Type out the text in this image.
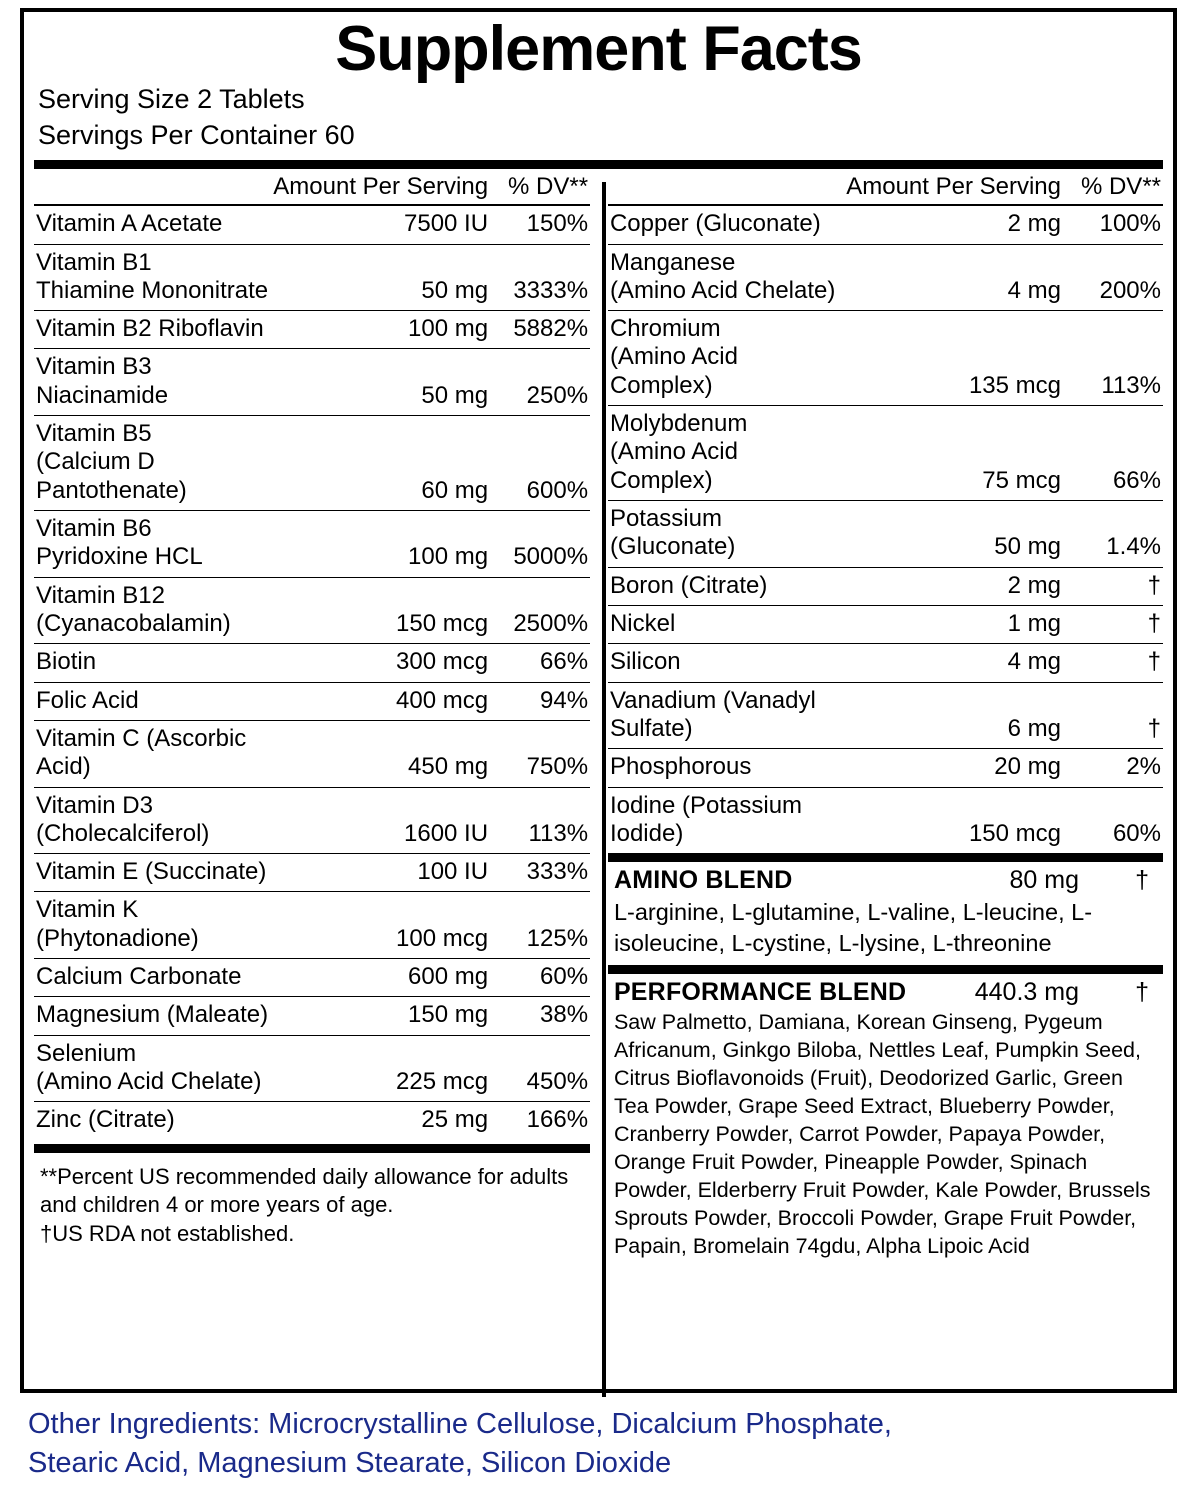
Supplement Facts
Serving Size 2 Tablets
Servings Per Container 60
	Amount Per Serving	% DV**
Vitamin A Acetate	7500 IU	150%

Vitamin B1
Thiamine Mononitrate	50 mg	3333%
Vitamin B2 Riboflavin	100 mg	5882%
Vitamin B3 Niacinamide	50 mg	250%

Vitamin B5
(Calcium D Pantothenate)	60 mg	600%
Vitamin B6 Pyridoxine HCL	100 mg	5000%

Vitamin B12
(Cyanacobalamin)	150 mcg	2500%
Biotin	300 mcg	66%
Folic Acid	400 mcg	94%
Vitamin C (Ascorbic Acid)	450 mg	750%
Vitamin D3 (Cholecalciferol)	1600 IU	113%
Vitamin E (Succinate)	100 IU	333%
Vitamin K (Phytonadione)	100 mcg	125%
Calcium Carbonate	600 mg	60%
Magnesium (Maleate)	150 mg	38%

Selenium
(Amino Acid Chelate)	225 mcg	450%
Zinc (Citrate)	25 mg	166%
**Percent US recommended daily allowance for adults
and children 4 or more years of age.
†US RDA not established.
	Amount Per Serving	% DV**
Copper (Gluconate)	2 mg	100%

Manganese
(Amino Acid Chelate)	4 mg	200%

Chromium
(Amino Acid Complex)	135 mcg	113%

Molybdenum
(Amino Acid Complex)	75 mcg	66%
Potassium (Gluconate)	50 mg	1.4%
Boron (Citrate)	2 mg	†
Nickel	1 mg	†
Silicon	4 mg	†
Vanadium (Vanadyl Sulfate)	6 mg	†
Phosphorous	20 mg	2%
Iodine (Potassium Iodide)	150 mcg	60%
AMINO BLEND	80 mg	†
L-arginine, L-glutamine, L-valine, L-leucine, L-isoleucine, L-cystine, L-lysine, L-threonine
PERFORMANCE BLEND	440.3 mg	†
Saw Palmetto, Damiana, Korean Ginseng, Pygeum Africanum, Ginkgo Biloba, Nettles Leaf, Pumpkin Seed, Citrus Bioflavonoids (Fruit), Deodorized Garlic, Green Tea Powder, Grape Seed Extract, Blueberry Powder, Cranberry Powder, Carrot Powder, Papaya Powder, Orange Fruit Powder, Pineapple Powder, Spinach Powder, Elderberry Fruit Powder, Kale Powder, Brussels Sprouts Powder, Broccoli Powder, Grape Fruit Powder, Papain, Bromelain 74gdu, Alpha Lipoic Acid
Other Ingredients: Microcrystalline Cellulose, Dicalcium Phosphate,
Stearic Acid, Magnesium Stearate, Silicon Dioxide
